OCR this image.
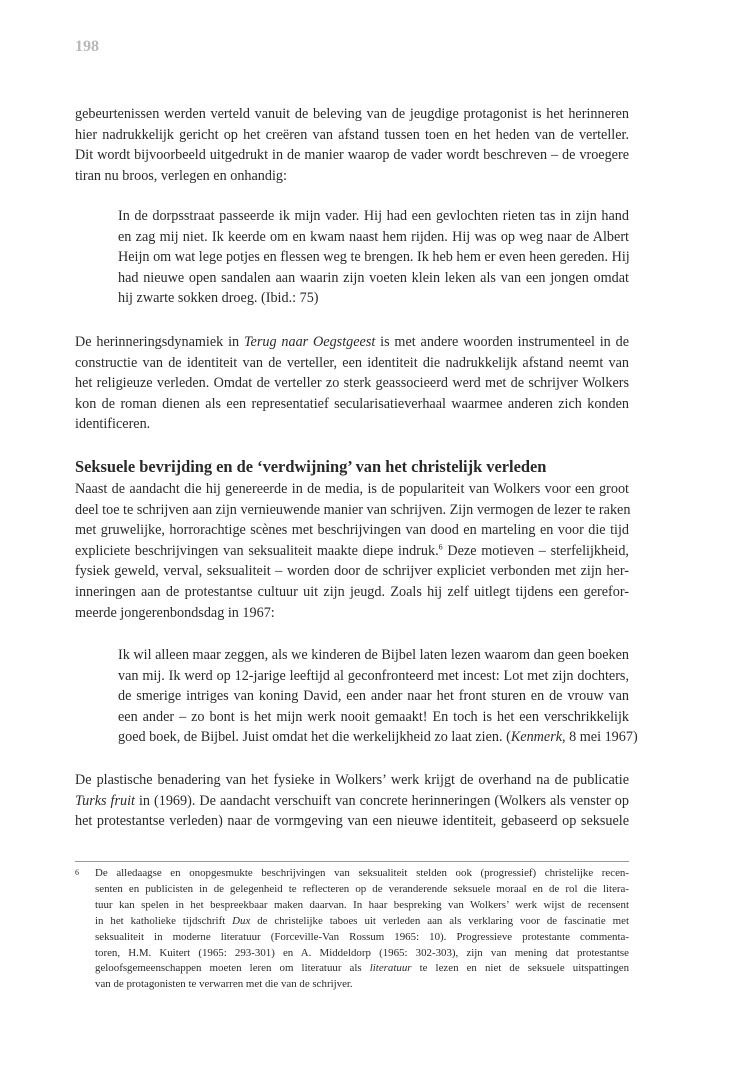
198
gebeurtenissen werden verteld vanuit de beleving van de jeugdige protagonist is het herinneren
hier nadrukkelijk gericht op het creëren van afstand tussen toen en het heden van de verteller.
Dit wordt bijvoorbeeld uitgedrukt in de manier waarop de vader wordt beschreven – de vroegere
tiran nu broos, verlegen en onhandig:
In de dorpsstraat passeerde ik mijn vader. Hij had een gevlochten rieten tas in zijn hand
en zag mij niet. Ik keerde om en kwam naast hem rijden. Hij was op weg naar de Albert
Heijn om wat lege potjes en flessen weg te brengen. Ik heb hem er even heen gereden. Hij
had nieuwe open sandalen aan waarin zijn voeten klein leken als van een jongen omdat
hij zwarte sokken droeg. (Ibid.: 75)
De herinneringsdynamiek in Terug naar Oegstgeest is met andere woorden instrumenteel in de
constructie van de identiteit van de verteller, een identiteit die nadrukkelijk afstand neemt van
het religieuze verleden. Omdat de verteller zo sterk geassocieerd werd met de schrijver Wolkers
kon de roman dienen als een representatief secularisatieverhaal waarmee anderen zich konden
identificeren.
Seksuele bevrijding en de ‘verdwijning’ van het christelijk verleden
Naast de aandacht die hij genereerde in de media, is de populariteit van Wolkers voor een groot
deel toe te schrijven aan zijn vernieuwende manier van schrijven. Zijn vermogen de lezer te raken
met gruwelijke, horrorachtige scènes met beschrijvingen van dood en marteling en voor die tijd
expliciete beschrijvingen van seksualiteit maakte diepe indruk.$^6$ Deze motieven – sterfelijkheid,
fysiek geweld, verval, seksualiteit – worden door de schrijver expliciet verbonden met zijn her-
inneringen aan de protestantse cultuur uit zijn jeugd. Zoals hij zelf uitlegt tijdens een gerefor-
meerde jongerenbondsdag in 1967:
Ik wil alleen maar zeggen, als we kinderen de Bijbel laten lezen waarom dan geen boeken
van mij. Ik werd op 12-jarige leeftijd al geconfronteerd met incest: Lot met zijn dochters,
de smerige intriges van koning David, een ander naar het front sturen en de vrouw van
een ander – zo bont is het mijn werk nooit gemaakt! En toch is het een verschrikkelijk
goed boek, de Bijbel. Juist omdat het die werkelijkheid zo laat zien. (Kenmerk, 8 mei 1967)
De plastische benadering van het fysieke in Wolkers’ werk krijgt de overhand na de publicatie
Turks fruit in (1969). De aandacht verschuift van concrete herinneringen (Wolkers als venster op
het protestantse verleden) naar de vormgeving van een nieuwe identiteit, gebaseerd op seksuele
6 De alledaagse en onopgesmukte beschrijvingen van seksualiteit stelden ook (progressief) christelijke recen-
senten en publicisten in de gelegenheid te reflecteren op de veranderende seksuele moraal en de rol die litera-
tuur kan spelen in het bespreekbaar maken daarvan. In haar bespreking van Wolkers’ werk wijst de recensent
in het katholieke tijdschrift Dux de christelijke taboes uit verleden aan als verklaring voor de fascinatie met
seksualiteit in moderne literatuur (Forceville-Van Rossum 1965: 10). Progressieve protestante commenta-
toren, H.M. Kuitert (1965: 293-301) en A. Middeldorp (1965: 302-303), zijn van mening dat protestantse
geloofsgemeenschappen moeten leren om literatuur als literatuur te lezen en niet de seksuele uitspattingen
van de protagonisten te verwarren met die van de schrijver.
